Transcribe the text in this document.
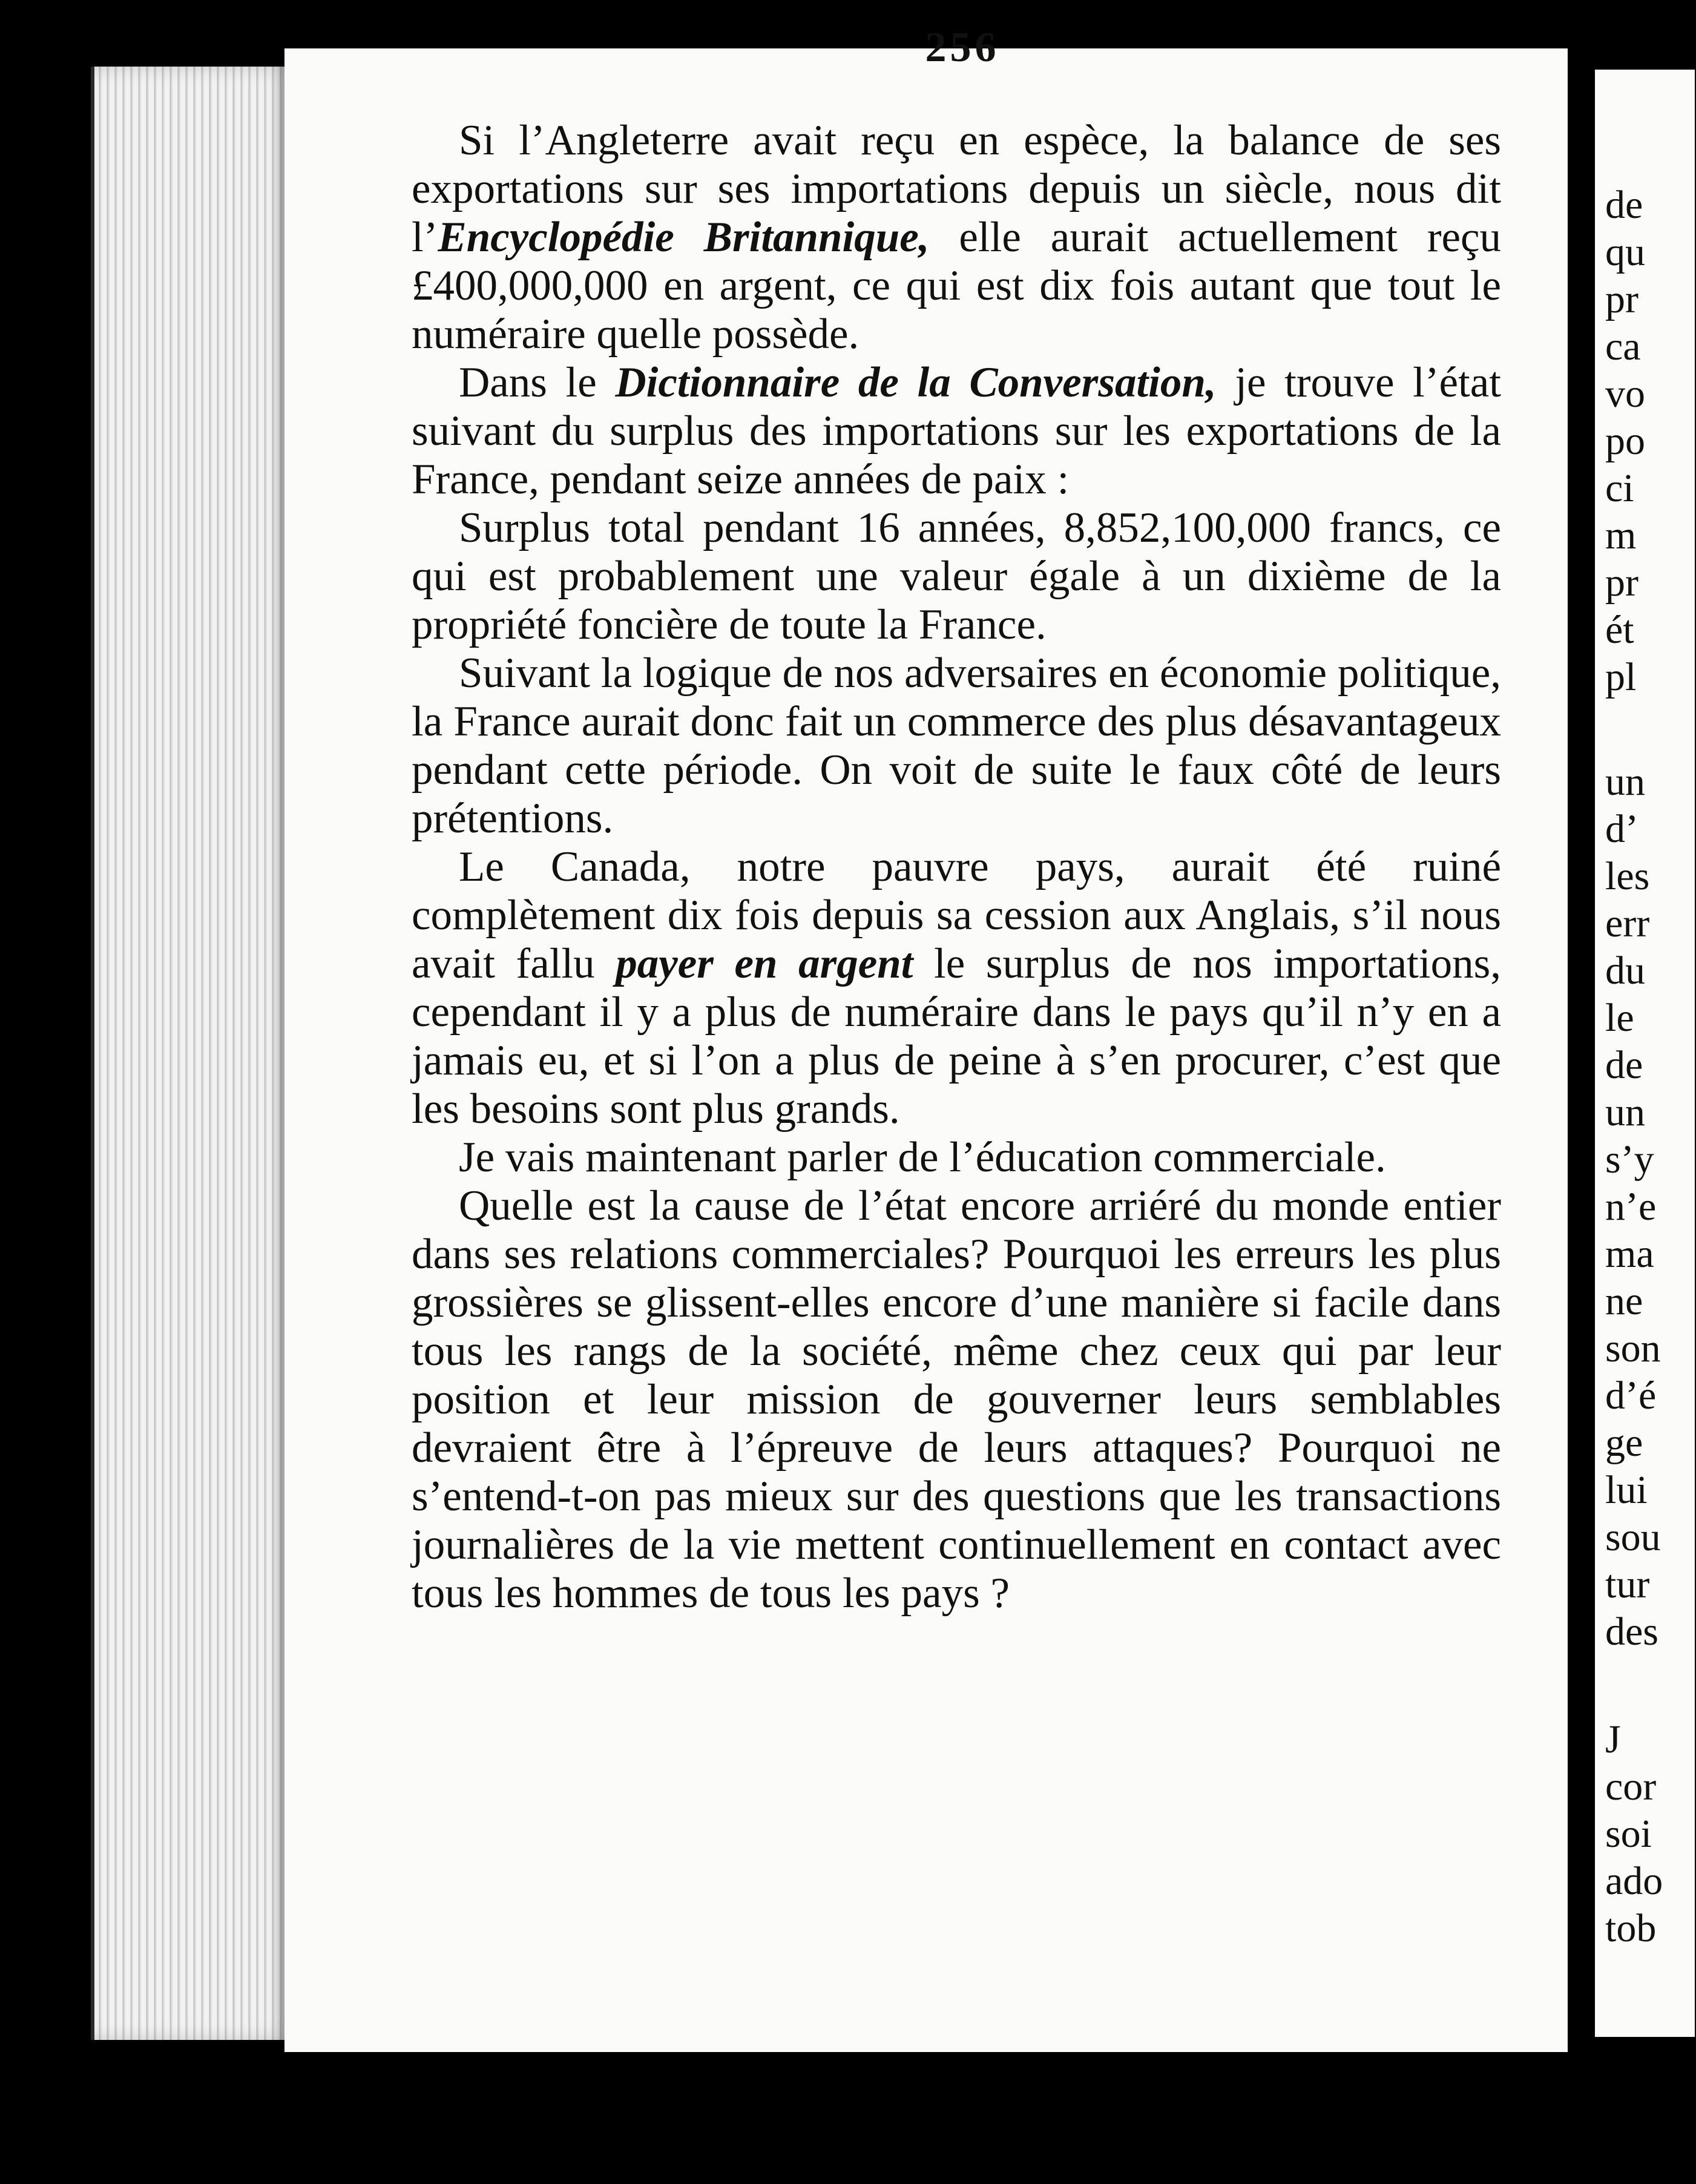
256

Si l’Angleterre avait reçu en espèce, la balance de ses exportations sur ses importations depuis un siècle, nous dit l’Encyclopédie Britannique, elle aurait actuellement reçu £400,000,000 en argent, ce qui est dix fois autant que tout le numéraire quelle possède.

Dans le Dictionnaire de la Conversation, je trouve l’état suivant du surplus des importations sur les exportations de la France, pendant seize années de paix :

Surplus total pendant 16 années, 8,852,100,000 francs, ce qui est probablement une valeur égale à un dixième de la propriété foncière de toute la France.

Suivant la logique de nos adversaires en économie politique, la France aurait donc fait un commerce des plus désavantageux pendant cette période. On voit de suite le faux côté de leurs prétentions.

Le Canada, notre pauvre pays, aurait été ruiné complètement dix fois depuis sa cession aux Anglais, s’il nous avait fallu payer en argent le surplus de nos importations, cependant il y a plus de numéraire dans le pays qu’il n’y en a jamais eu, et si l’on a plus de peine à s’en procurer, c’est que les besoins sont plus grands.

Je vais maintenant parler de l’éducation commerciale.

Quelle est la cause de l’état encore arriéré du monde entier dans ses relations commerciales? Pourquoi les erreurs les plus grossières se glissent-elles encore d’une manière si facile dans tous les rangs de la société, même chez ceux qui par leur position et leur mission de gouverner leurs semblables devraient être à l’épreuve de leurs attaques? Pourquoi ne s’entend-t-on pas mieux sur des questions que les transactions journalières de la vie mettent continuellement en contact avec tous les hommes de tous les pays ?

de
qu
pr
ca
vo
po
ci
m
pr
ét
pl
un
d’
les
err
du
le
de
un
s’y
n’e
ma
ne
son
d’é
ge
lui
sou
tur
des
J
cor
soi
ado
tob
